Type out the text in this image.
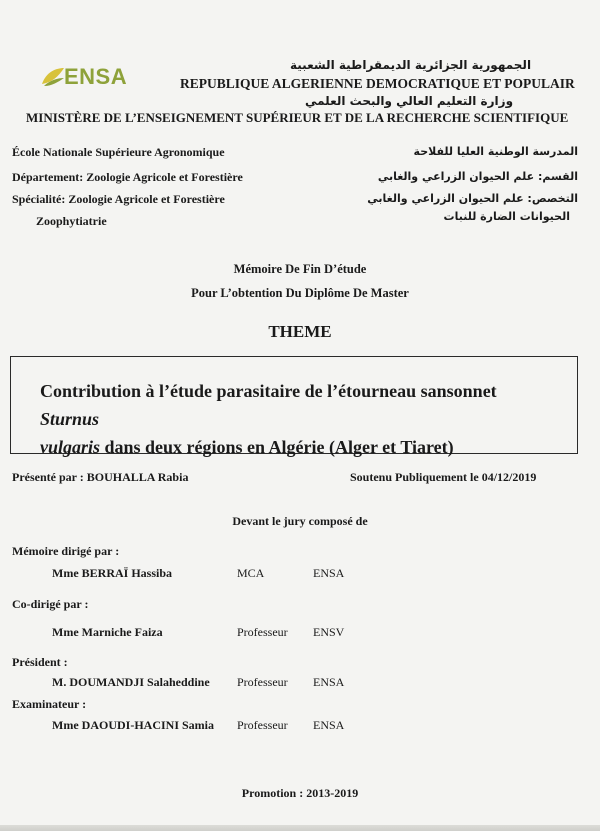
ENSA	الجمهورية الجزائرية الديمقراطية الشعبية
REPUBLIQUE ALGERIENNE DEMOCRATIQUE ET POPULAIR
وزارة التعليم العالي والبحث العلمي
MINISTÈRE DE L’ENSEIGNEMENT SUPÉRIEUR ET DE LA RECHERCHE SCIENTIFIQUE
École Nationale Supérieure Agronomique
Département: Zoologie Agricole et Forestière
Spécialité: Zoologie Agricole et Forestière
Zoophytiatrie
المدرسة الوطنية العليا للفلاحة
القسم: علم الحيوان الزراعي والغابي
التخصص: علم الحيوان الزراعي والغابي
الحيوانات الضارة للنبات
Mémoire De Fin D’étude
Pour L’obtention Du Diplôme De Master
THEME
Contribution à l’étude parasitaire de l’étourneau sansonnet Sturnus
vulgaris dans deux régions en Algérie (Alger et Tiaret)
Présenté par : BOUHALLA Rabia	Soutenu Publiquement le 04/12/2019
Devant le jury composé de
Mémoire dirigé par :
Mme BERRAÏ Hassiba	MCA	ENSA
Co-dirigé par :
Mme Marniche Faiza	Professeur ENSV
Président :
M. DOUMANDJI Salaheddine Professeur ENSA
Examinateur :
Mme DAOUDI-HACINI Samia Professeur ENSA
Promotion : 2013-2019
